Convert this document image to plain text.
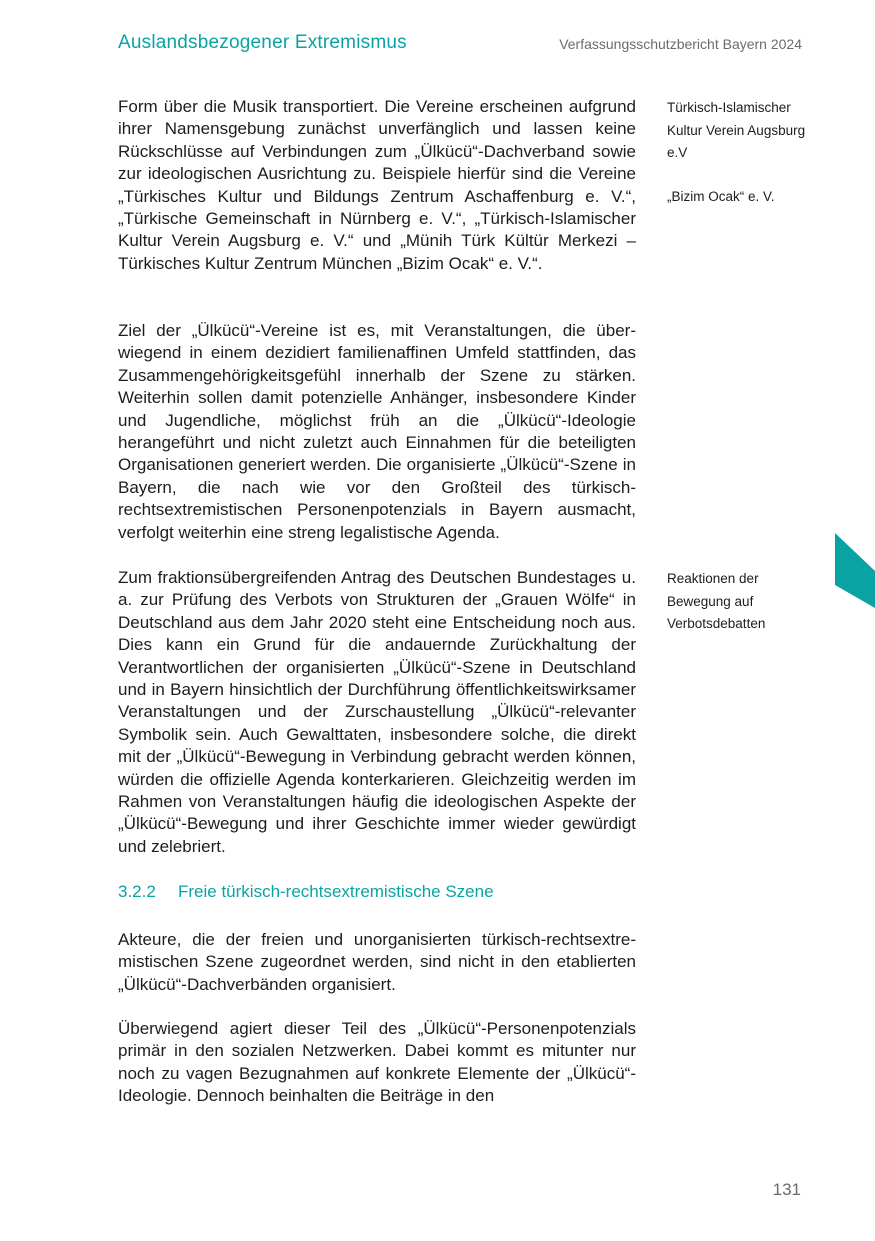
Auslandsbezogener Extremismus	Verfassungsschutzbericht Bayern 2024

Form über die Musik transportiert. Die Vereine erscheinen aufgrund ihrer Namensgebung zunächst unverfänglich und lassen keine Rückschlüsse auf Verbindungen zum „Ülkücü“-Dachverband sowie zur ideologischen Ausrichtung zu. Beispiele hierfür sind die Vereine „Türkisches Kultur und Bildungs Zentrum Aschaffenburg e. V.“, „Türkische Gemeinschaft in Nürnberg e. V.“, „Türkisch-Islamischer Kultur Verein Augsburg e. V.“ und „Münih Türk Kültür Merkezi – Türkisches Kultur Zentrum München „Bizim Ocak“ e. V.“.

Ziel der „Ülkücü“-Vereine ist es, mit Veranstaltungen, die überwiegend in einem dezidiert familienaffinen Umfeld stattfinden, das Zusammengehörigkeitsgefühl innerhalb der Szene zu stärken. Weiterhin sollen damit potenzielle Anhänger, insbesondere Kinder und Jugendliche, möglichst früh an die „Ülkücü“-Ideologie herangeführt und nicht zuletzt auch Einnahmen für die beteiligten Organisationen generiert werden. Die organisierte „Ülkücü“-Szene in Bayern, die nach wie vor den Großteil des türkisch-rechtsextremistischen Personenpotenzials in Bayern ausmacht, verfolgt weiterhin eine streng legalistische Agenda.

Zum fraktionsübergreifenden Antrag des Deutschen Bundestages u. a. zur Prüfung des Verbots von Strukturen der „Grauen Wölfe“ in Deutschland aus dem Jahr 2020 steht eine Entscheidung noch aus. Dies kann ein Grund für die andauernde Zurückhaltung der Verantwortlichen der organisierten „Ülkücü“-Szene in Deutschland und in Bayern hinsichtlich der Durchführung öffentlichkeitswirksamer Veranstaltungen und der Zurschaustellung „Ülkücü“-relevanter Symbolik sein. Auch Gewalttaten, insbesondere solche, die direkt mit der „Ülkücü“-Bewegung in Verbindung gebracht werden können, würden die offizielle Agenda konterkarieren. Gleichzeitig werden im Rahmen von Veranstaltungen häufig die ideologischen Aspekte der „Ülkücü“-Bewegung und ihrer Geschichte immer wieder gewürdigt und zelebriert.

3.2.2 Freie türkisch-rechtsextremistische Szene

Akteure, die der freien und unorganisierten türkisch-rechtsextremistischen Szene zugeordnet werden, sind nicht in den etablierten „Ülkücü“-Dachverbänden organisiert.

Überwiegend agiert dieser Teil des „Ülkücü“-Personenpotenzials primär in den sozialen Netzwerken. Dabei kommt es mitunter nur noch zu vagen Bezugnahmen auf konkrete Elemente der „Ülkücü“-Ideologie. Dennoch beinhalten die Beiträge in den

Türkisch-Islamischer Kultur Verein Augsburg e.V
„Bizim Ocak“ e. V.
Reaktionen der Bewegung auf Verbotsdebatten
131
